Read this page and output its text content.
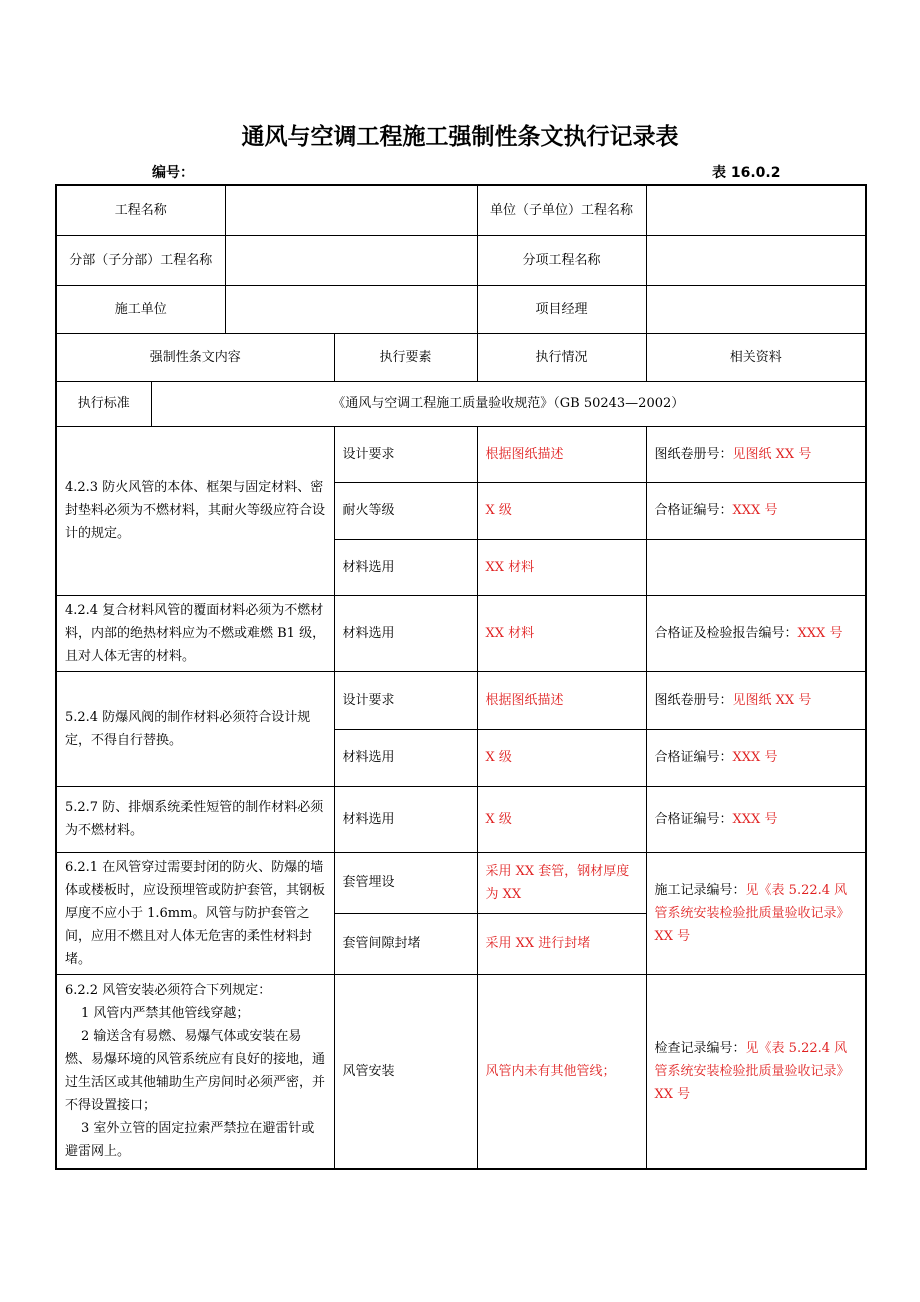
通风与空调工程施工强制性条文执行记录表
编号：	表 16.0.2
工程名称				单位（子单位）工程名称	
分部（子分部）工程名称				分项工程名称	
施工单位				项目经理	
强制性条文内容			执行要素	执行情况	相关资料
执行标准	《通风与空调工程施工质量验收规范》（GB 50243—2002）				
4.2.3 防火风管的本体、框架与固定材料、密封垫料必须为不燃材料，其耐火等级应符合设计的规定。			设计要求	根据图纸描述	图纸卷册号：见图纸 XX 号
			耐火等级	X 级	合格证编号：XXX 号
			材料选用	XX 材料	
4.2.4 复合材料风管的覆面材料必须为不燃材料，内部的绝热材料应为不燃或难燃 B1 级，且对人体无害的材料。			材料选用	XX 材料	合格证及检验报告编号：XXX 号
5.2.4 防爆风阀的制作材料必须符合设计规定，不得自行替换。			设计要求	根据图纸描述	图纸卷册号：见图纸 XX 号
			材料选用	X 级	合格证编号：XXX 号
5.2.7 防、排烟系统柔性短管的制作材料必须为不燃材料。			材料选用	X 级	合格证编号：XXX 号
6.2.1 在风管穿过需要封闭的防火、防爆的墙体或楼板时，应设预埋管或防护套管，其钢板厚度不应小于 1.6mm。风管与防护套管之间，应用不燃且对人体无危害的柔性材料封堵。			套管埋设	采用 XX 套管，钢材厚度为 XX	施工记录编号：见《表 5.22.4 风管系统安装检验批质量验收记录》XX 号
			套管间隙封堵	采用 XX 进行封堵	

6.2.2 风管安装必须符合下列规定：
1 风管内严禁其他管线穿越；
2 输送含有易燃、易爆气体或安装在易燃、易爆环境的风管系统应有良好的接地，通过生活区或其他辅助生产房间时必须严密，并不得设置接口；
3 室外立管的固定拉索严禁拉在避雷针或避雷网上。			风管安装	风管内未有其他管线；	检查记录编号：见《表 5.22.4 风管系统安装检验批质量验收记录》XX 号
